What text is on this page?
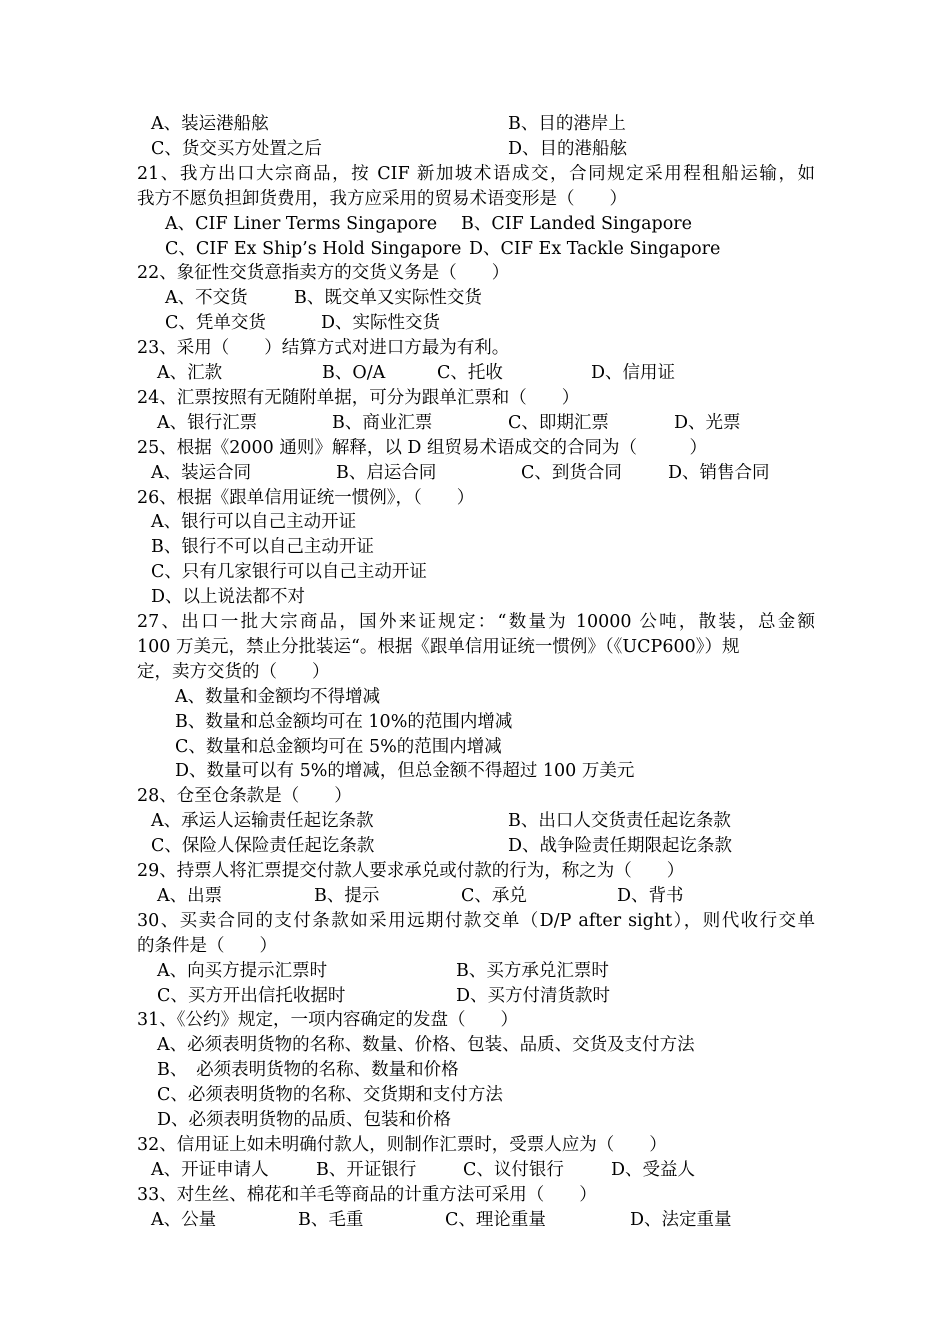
A、装运港船舷	B、目的港岸上
C、货交买方处置之后	D、目的港船舷
21、我方出口大宗商品，按 CIF 新加坡术语成交，合同规定采用程租船运输，如
我方不愿负担卸货费用，我方应采用的贸易术语变形是（　　）
A、CIF Liner Terms Singapore B、CIF Landed Singapore
C、CIF Ex Ship’s Hold Singapore D、CIF Ex Tackle Singapore
22、象征性交货意指卖方的交货义务是（　　）
A、不交货	B、既交单又实际性交货
C、凭单交货	D、实际性交货
23、采用（　　）结算方式对进口方最为有利。
A、汇款	B、O/A	C、托收	D、信用证
24、汇票按照有无随附单据，可分为跟单汇票和（　　）
A、银行汇票	B、商业汇票	C、即期汇票	D、光票
25、根据《2000 通则》解释，以 D 组贸易术语成交的合同为（　　　）
A、装运合同	B、启运合同	C、到货合同	D、销售合同
26、根据《跟单信用证统一惯例》，（　　）
A、银行可以自己主动开证
B、银行不可以自己主动开证
C、只有几家银行可以自己主动开证
D、以上说法都不对
27、出口一批大宗商品，国外来证规定：“数量为 10000 公吨，散装，总金额
100 万美元，禁止分批装运“。根据《跟单信用证统一惯例》（《UCP600》）规
定，卖方交货的（　　）
A、数量和金额均不得增减
B、数量和总金额均可在 10%的范围内增减
C、数量和总金额均可在 5%的范围内增减
D、数量可以有 5%的增减，但总金额不得超过 100 万美元
28、仓至仓条款是（　　）
A、承运人运输责任起讫条款	B、出口人交货责任起讫条款
C、保险人保险责任起讫条款	D、战争险责任期限起讫条款
29、持票人将汇票提交付款人要求承兑或付款的行为，称之为（　　）
A、出票	B、提示	C、承兑	D、背书
30、买卖合同的支付条款如采用远期付款交单（D/P after sight），则代收行交单
的条件是（　　）
A、向买方提示汇票时	B、买方承兑汇票时
C、买方开出信托收据时	D、买方付清货款时
31、《公约》规定，一项内容确定的发盘（　　）
A、必须表明货物的名称、数量、价格、包装、品质、交货及支付方法
B、　必须表明货物的名称、数量和价格
C、必须表明货物的名称、交货期和支付方法
D、必须表明货物的品质、包装和价格
32、信用证上如未明确付款人，则制作汇票时，受票人应为（　　）
A、开证申请人	B、开证银行	C、议付银行	D、受益人
33、对生丝、棉花和羊毛等商品的计重方法可采用（　　）
A、公量	B、毛重	C、理论重量	D、法定重量
